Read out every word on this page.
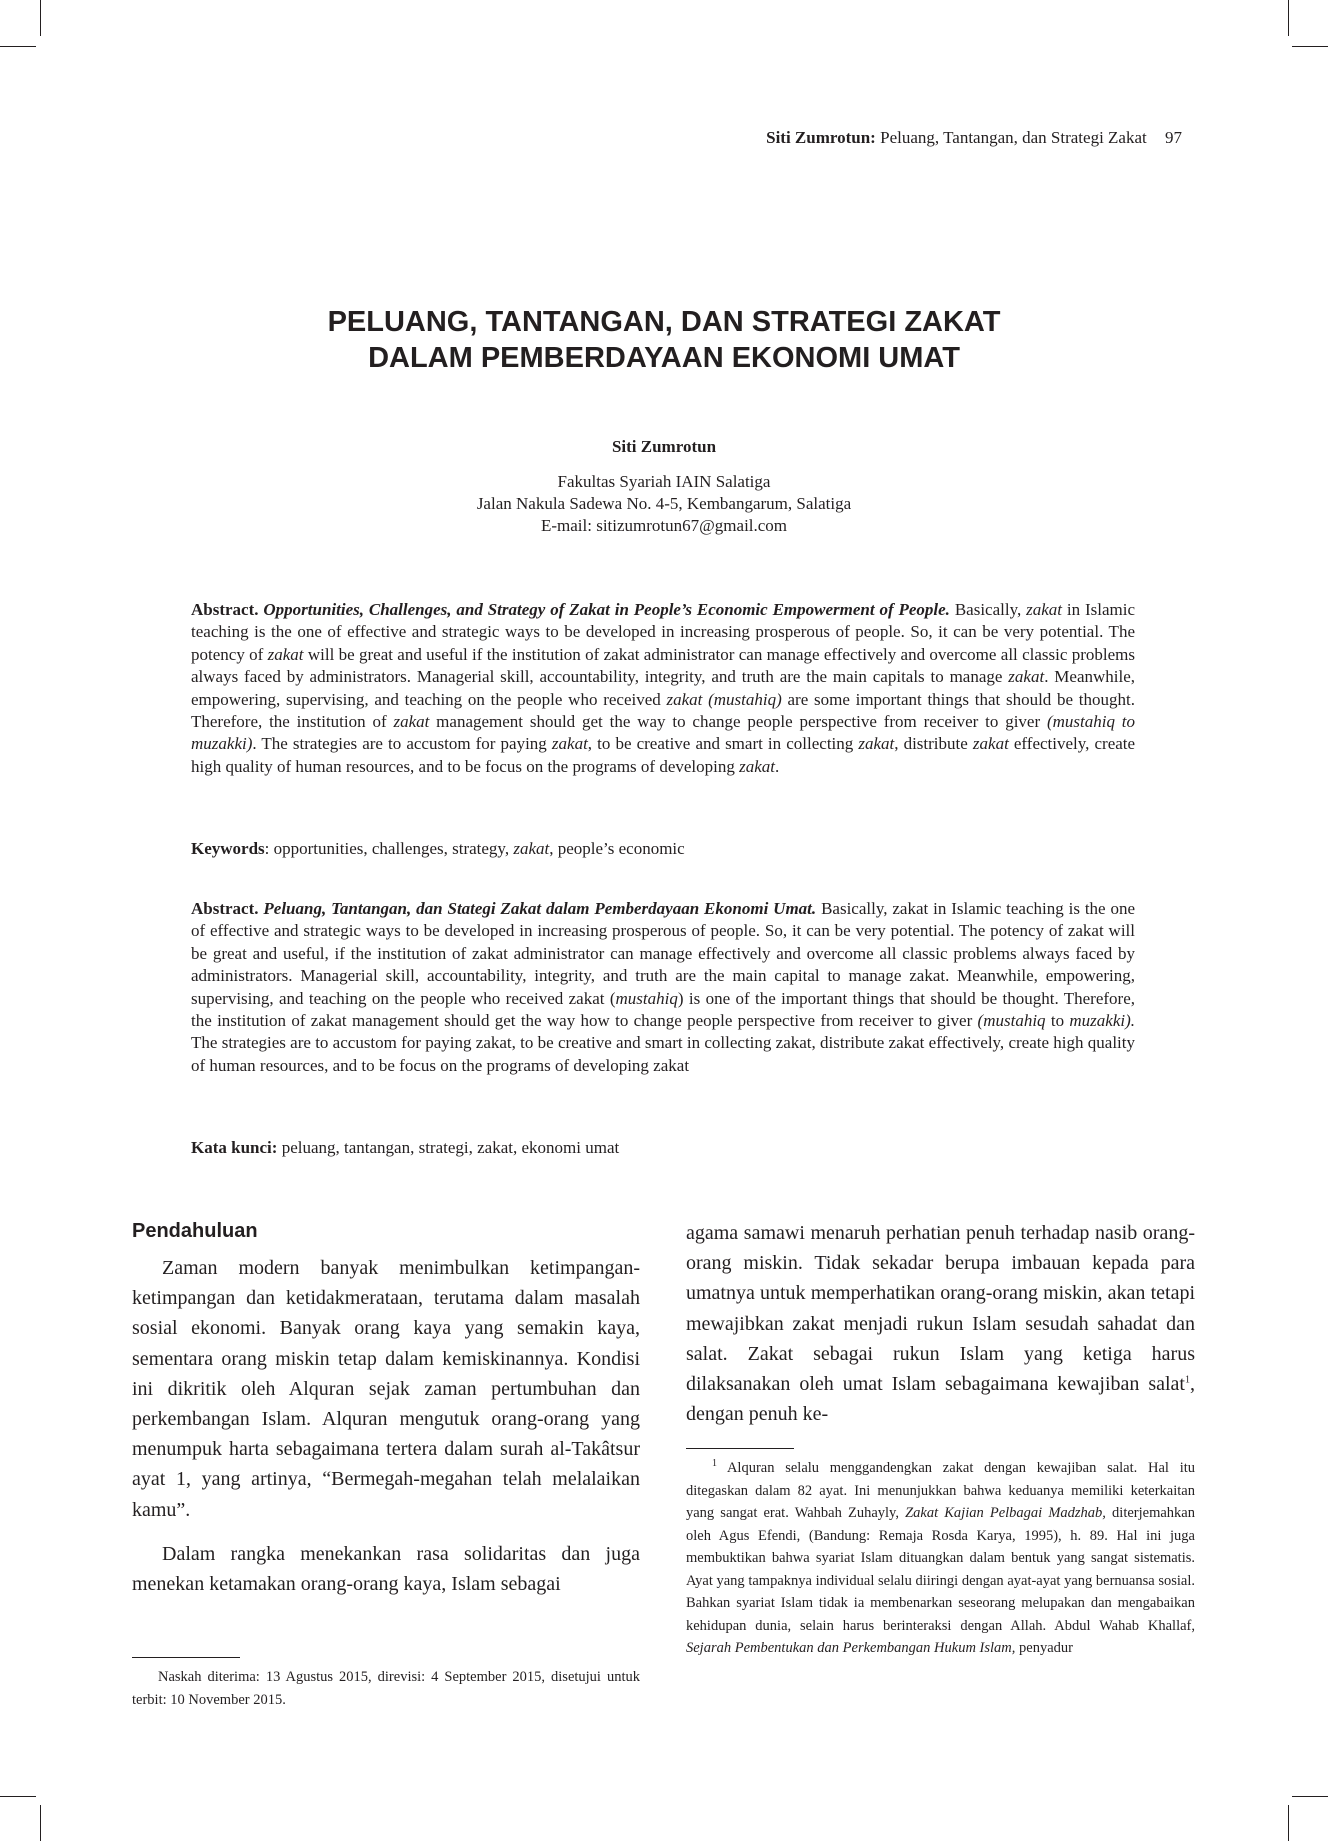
Siti Zumrotun: Peluang, Tantangan, dan Strategi Zakat 97
PELUANG, TANTANGAN, DAN STRATEGI ZAKAT
DALAM PEMBERDAYAAN EKONOMI UMAT
Siti Zumrotun
Fakultas Syariah IAIN Salatiga
Jalan Nakula Sadewa No. 4-5, Kembangarum, Salatiga
E-mail: sitizumrotun67@gmail.com
Abstract. Opportunities, Challenges, and Strategy of Zakat in People’s Economic Empowerment of People. Basically, zakat in Islamic teaching is the one of effective and strategic ways to be developed in increasing prosperous of people. So, it can be very potential. The potency of zakat will be great and useful if the institution of zakat administrator can manage effectively and overcome all classic problems always faced by administrators. Managerial skill, accountability, integrity, and truth are the main capitals to manage zakat. Meanwhile, empowering, supervising, and teaching on the people who received zakat (mustahiq) are some important things that should be thought. Therefore, the institution of zakat management should get the way to change people perspective from receiver to giver (mustahiq to muzakki). The strategies are to accustom for paying zakat, to be creative and smart in collecting zakat, distribute zakat effectively, create high quality of human resources, and to be focus on the programs of developing zakat.
Keywords: opportunities, challenges, strategy, zakat, people’s economic
Abstract. Peluang, Tantangan, dan Stategi Zakat dalam Pemberdayaan Ekonomi Umat. Basically, zakat in Islamic teaching is the one of effective and strategic ways to be developed in increasing prosperous of people. So, it can be very potential. The potency of zakat will be great and useful, if the institution of zakat administrator can manage effectively and overcome all classic problems always faced by administrators. Managerial skill, accountability, integrity, and truth are the main capital to manage zakat. Meanwhile, empowering, supervising, and teaching on the people who received zakat (mustahiq) is one of the important things that should be thought. Therefore, the institution of zakat management should get the way how to change people perspective from receiver to giver (mustahiq to muzakki). The strategies are to accustom for paying zakat, to be creative and smart in collecting zakat, distribute zakat effectively, create high quality of human resources, and to be focus on the programs of developing zakat
Kata kunci: peluang, tantangan, strategi, zakat, ekonomi umat
Pendahuluan

Zaman modern banyak menimbulkan ketimpangan-ketimpangan dan ketidakmerataan, terutama dalam masalah sosial ekonomi. Banyak orang kaya yang semakin kaya, sementara orang miskin tetap dalam kemiskinannya. Kondisi ini dikritik oleh Alquran sejak zaman pertumbuhan dan perkembangan Islam. Alquran mengutuk orang-orang yang menumpuk harta sebagaimana tertera dalam surah al-Takâtsur ayat 1, yang artinya, “Bermegah-megahan telah melalaikan kamu”.

Dalam rangka menekankan rasa solidaritas dan juga menekan ketamakan orang-orang kaya, Islam sebagai

Naskah diterima: 13 Agustus 2015, direvisi: 4 September 2015, disetujui untuk terbit: 10 November 2015.

agama samawi menaruh perhatian penuh terhadap nasib orang-orang miskin. Tidak sekadar berupa imbauan kepada para umatnya untuk memperhatikan orang-orang miskin, akan tetapi mewajibkan zakat menjadi rukun Islam sesudah sahadat dan salat. Zakat sebagai rukun Islam yang ketiga harus dilaksanakan oleh umat Islam sebagaimana kewajiban salat$^1$, dengan penuh ke-

$^1$ Alquran selalu menggandengkan zakat dengan kewajiban salat. Hal itu ditegaskan dalam 82 ayat. Ini menunjukkan bahwa keduanya memiliki keterkaitan yang sangat erat. Wahbah Zuhayly, Zakat Kajian Pelbagai Madzhab, diterjemahkan oleh Agus Efendi, (Bandung: Remaja Rosda Karya, 1995), h. 89. Hal ini juga membuktikan bahwa syariat Islam dituangkan dalam bentuk yang sangat sistematis. Ayat yang tampaknya individual selalu diiringi dengan ayat-ayat yang bernuansa sosial. Bahkan syariat Islam tidak ia membenarkan seseorang melupakan dan mengabaikan kehidupan dunia, selain harus berinteraksi dengan Allah. Abdul Wahab Khallaf, Sejarah Pembentukan dan Perkembangan Hukum Islam, penyadur
